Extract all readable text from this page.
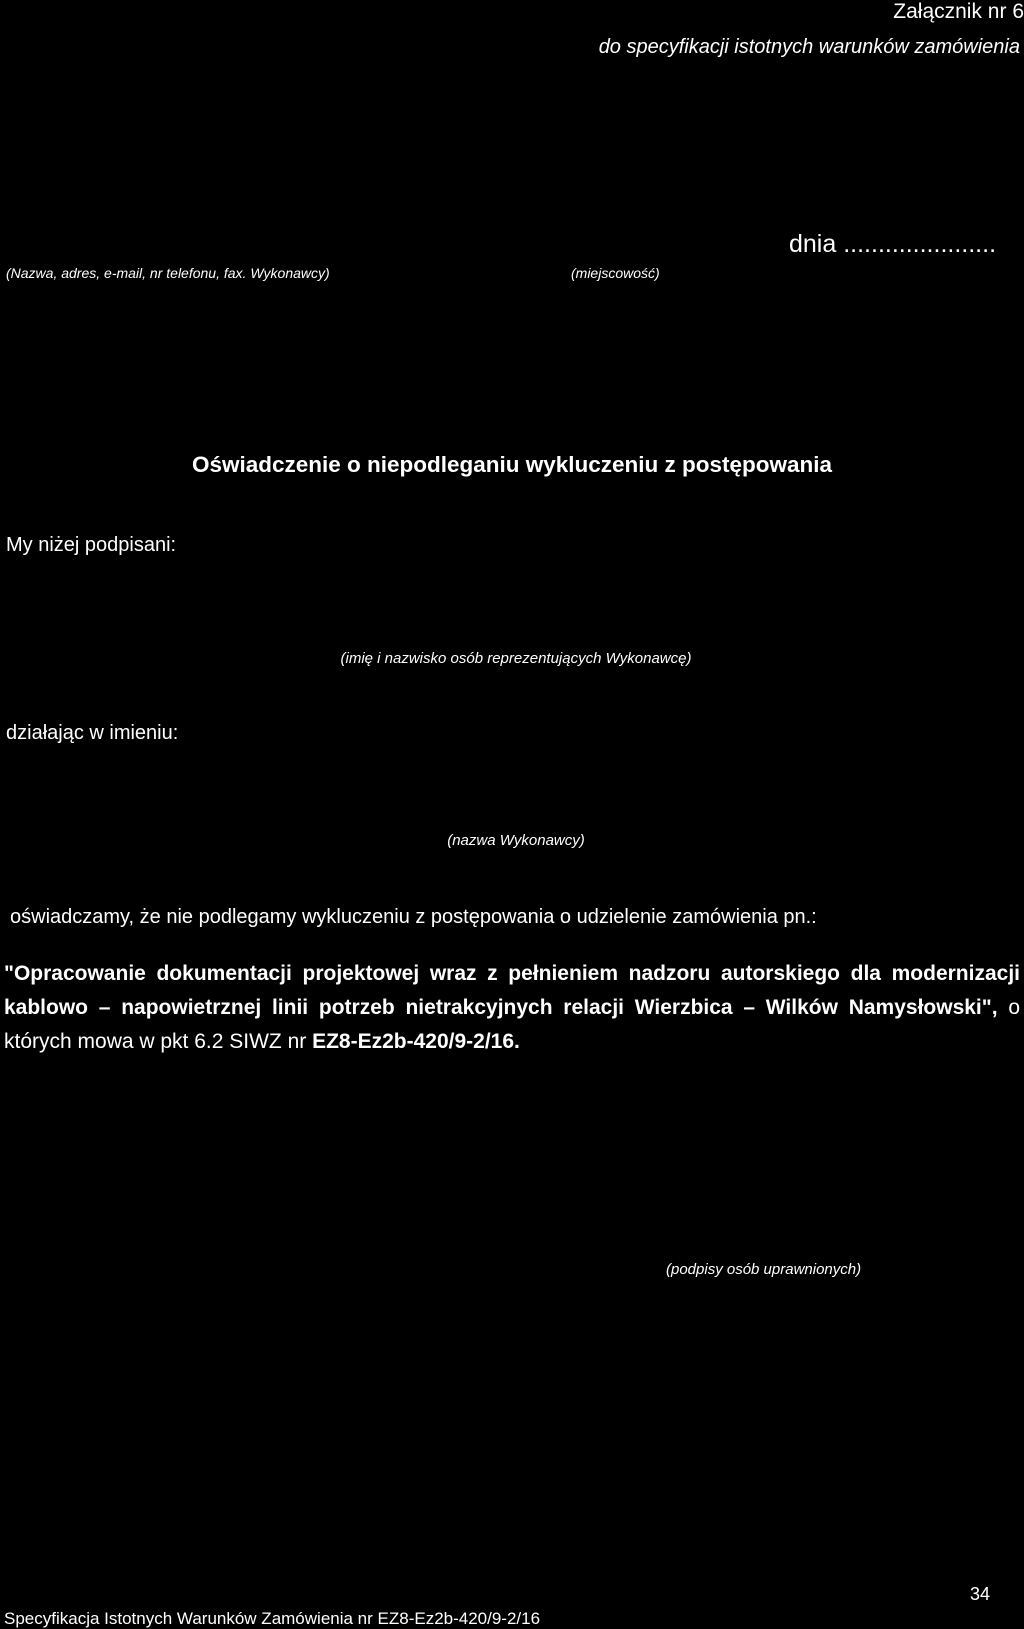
Załącznik nr 6
do specyfikacji istotnych warunków zamówienia
dnia ......................
(Nazwa, adres, e-mail, nr telefonu, fax. Wykonawcy)	(miejscowość)
Oświadczenie o niepodleganiu wykluczeniu z postępowania
My niżej podpisani:
(imię i nazwisko osób reprezentujących Wykonawcę)
działając w imieniu:
(nazwa Wykonawcy)
oświadczamy, że nie podlegamy wykluczeniu z postępowania o udzielenie zamówienia pn.:
"Opracowanie dokumentacji projektowej wraz z pełnieniem nadzoru autorskiego dla modernizacji kablowo – napowietrznej linii potrzeb nietrakcyjnych relacji Wierzbica – Wilków Namysłowski", o których mowa w pkt 6.2 SIWZ nr EZ8-Ez2b-420/9-2/16.
(podpisy osób uprawnionych)
34
Specyfikacja Istotnych Warunków Zamówienia nr EZ8-Ez2b-420/9-2/16
